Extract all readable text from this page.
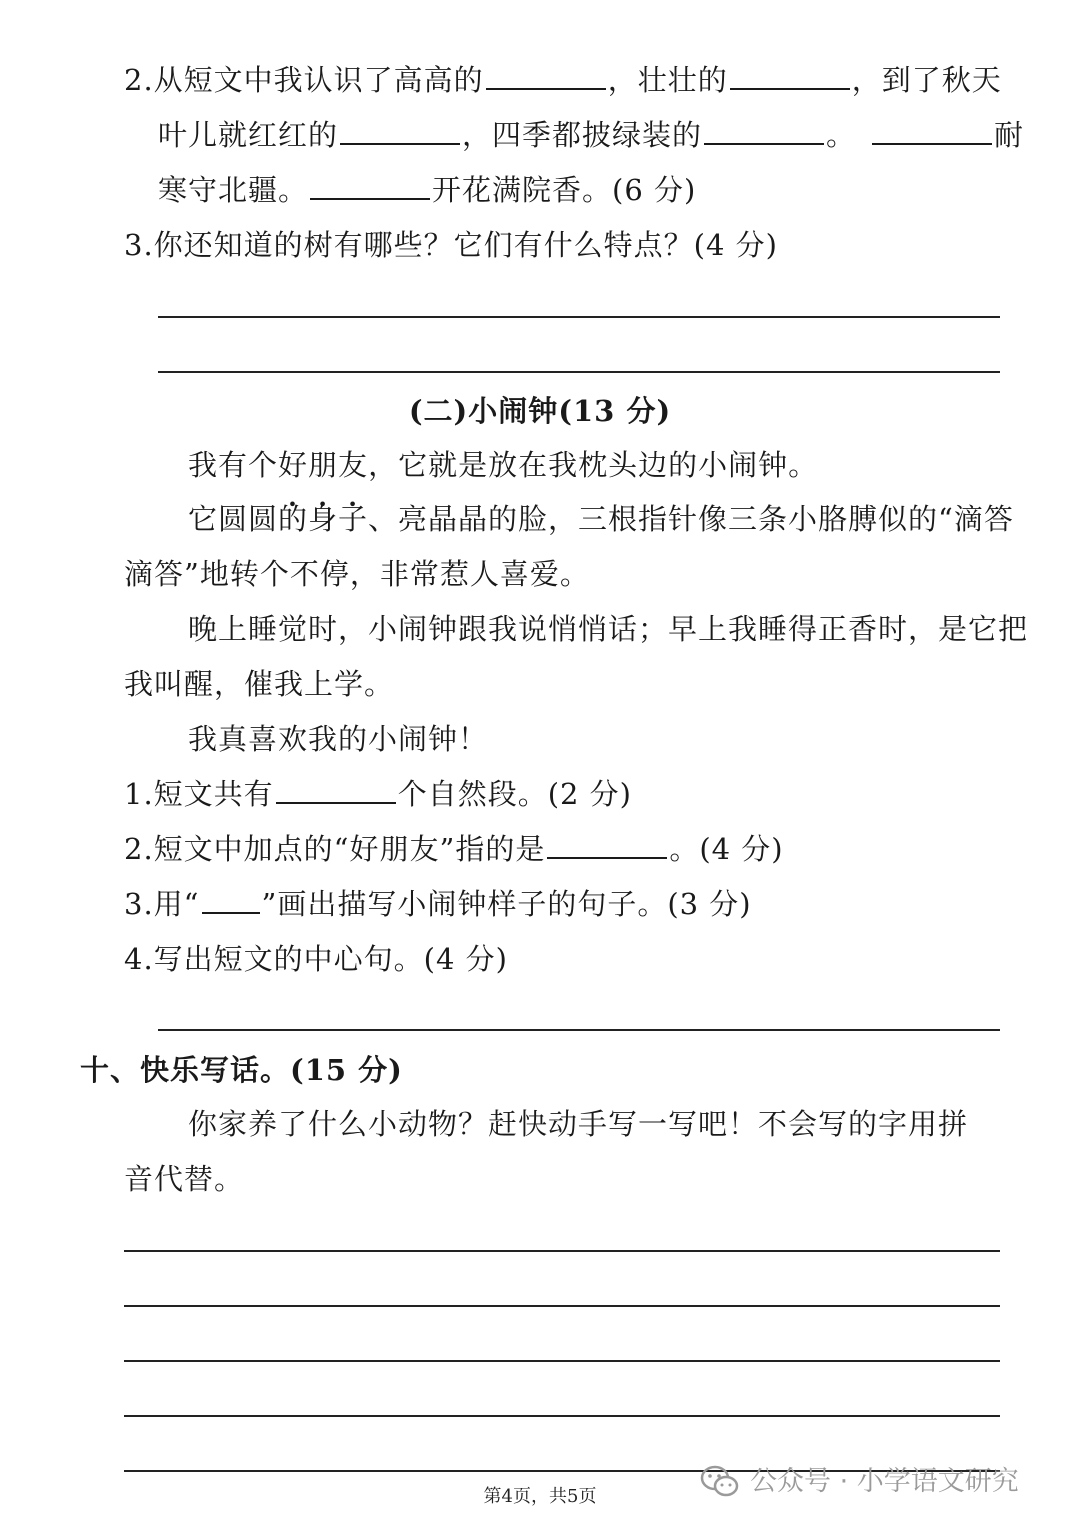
2.从短文中我认识了高高的	，壮壮的	，到了秋天
叶儿就红红的	，四季都披绿装的	。	耐
寒守北疆。	开花满院香。(6 分)
3.你还知道的树有哪些？它们有什么特点？(4 分)
(二)小闹钟(13 分)
我有个好朋友，它就是放在我枕头边的小闹钟。
它圆圆的身子、亮晶晶的脸，三根指针像三条小胳膊似的“滴答
滴答”地转个不停，非常惹人喜爱。
晚上睡觉时，小闹钟跟我说悄悄话；早上我睡得正香时，是它把
我叫醒，催我上学。
我真喜欢我的小闹钟！
1.短文共有	个自然段。(2 分)
2.短文中加点的“好朋友”指的是	。(4 分)
3.用“ ”画出描写小闹钟样子的句子。(3 分)
4.写出短文的中心句。(4 分)
十、快乐写话。(15 分)
你家养了什么小动物？赶快动手写一写吧！不会写的字用拼
音代替。
第4页，共5页	公众号 · 小学语文研究
